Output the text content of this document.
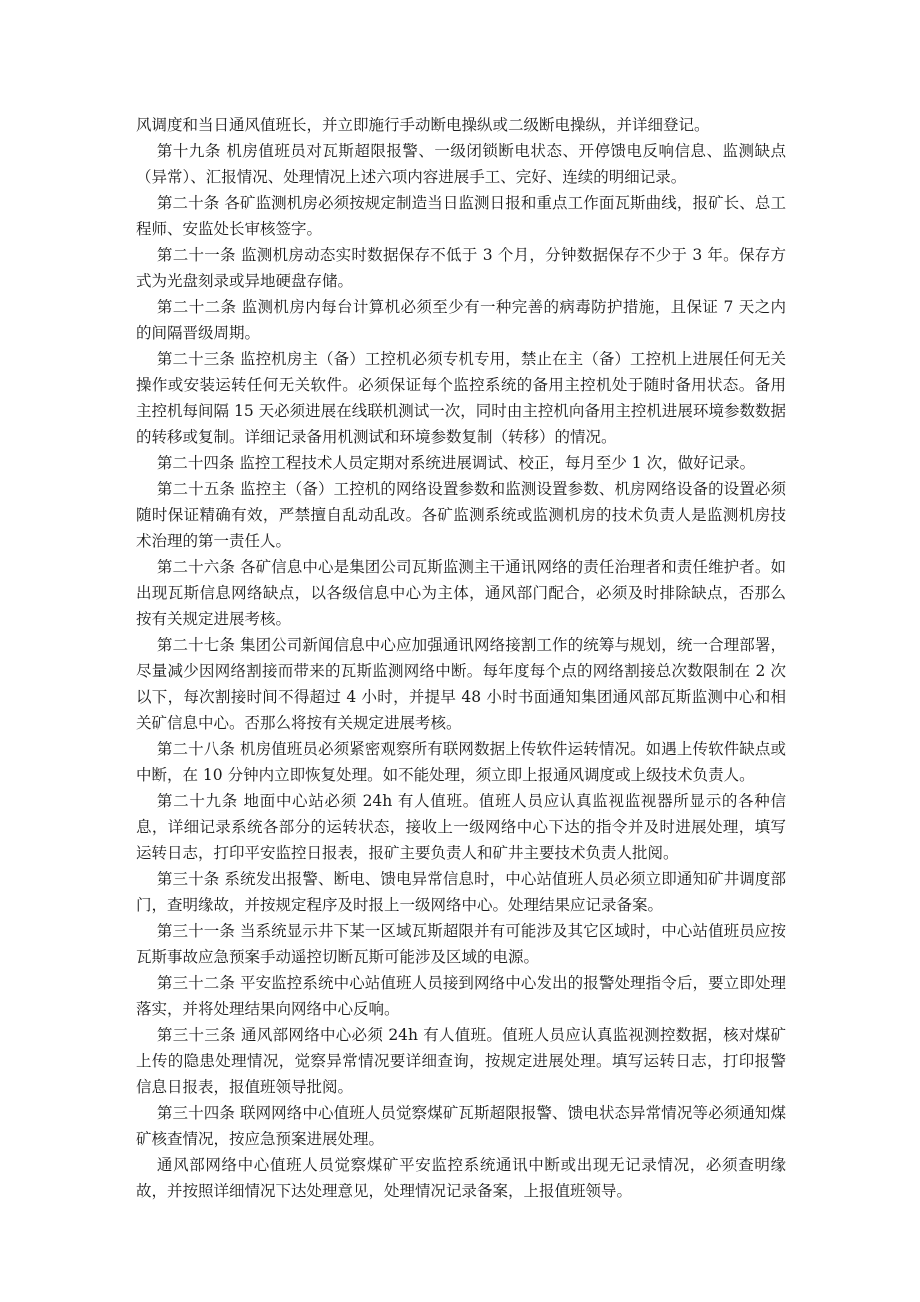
风调度和当日通风值班长，并立即施行手动断电操纵或二级断电操纵，并详细登记。

第十九条 机房值班员对瓦斯超限报警、一级闭锁断电状态、开停馈电反响信息、监测缺点（异常）、汇报情况、处理情况上述六项内容进展手工、完好、连续的明细记录。

第二十条 各矿监测机房必须按规定制造当日监测日报和重点工作面瓦斯曲线，报矿长、总工程师、安监处长审核签字。

第二十一条 监测机房动态实时数据保存不低于 3 个月，分钟数据保存不少于 3 年。保存方式为光盘刻录或异地硬盘存储。

第二十二条 监测机房内每台计算机必须至少有一种完善的病毒防护措施，且保证 7 天之内的间隔晋级周期。

第二十三条 监控机房主（备）工控机必须专机专用，禁止在主（备）工控机上进展任何无关操作或安装运转任何无关软件。必须保证每个监控系统的备用主控机处于随时备用状态。备用主控机每间隔 15 天必须进展在线联机测试一次，同时由主控机向备用主控机进展环境参数数据的转移或复制。详细记录备用机测试和环境参数复制（转移）的情况。

第二十四条 监控工程技术人员定期对系统进展调试、校正，每月至少 1 次，做好记录。

第二十五条 监控主（备）工控机的网络设置参数和监测设置参数、机房网络设备的设置必须随时保证精确有效，严禁擅自乱动乱改。各矿监测系统或监测机房的技术负责人是监测机房技术治理的第一责任人。

第二十六条 各矿信息中心是集团公司瓦斯监测主干通讯网络的责任治理者和责任维护者。如出现瓦斯信息网络缺点，以各级信息中心为主体，通风部门配合，必须及时排除缺点，否那么按有关规定进展考核。

第二十七条 集团公司新闻信息中心应加强通讯网络接割工作的统筹与规划，统一合理部署，尽量减少因网络割接而带来的瓦斯监测网络中断。每年度每个点的网络割接总次数限制在 2 次以下，每次割接时间不得超过 4 小时，并提早 48 小时书面通知集团通风部瓦斯监测中心和相关矿信息中心。否那么将按有关规定进展考核。

第二十八条 机房值班员必须紧密观察所有联网数据上传软件运转情况。如遇上传软件缺点或中断，在 10 分钟内立即恢复处理。如不能处理，须立即上报通风调度或上级技术负责人。

第二十九条 地面中心站必须 24h 有人值班。值班人员应认真监视监视器所显示的各种信息，详细记录系统各部分的运转状态，接收上一级网络中心下达的指令并及时进展处理，填写运转日志，打印平安监控日报表，报矿主要负责人和矿井主要技术负责人批阅。

第三十条 系统发出报警、断电、馈电异常信息时，中心站值班人员必须立即通知矿井调度部门，查明缘故，并按规定程序及时报上一级网络中心。处理结果应记录备案。

第三十一条 当系统显示井下某一区域瓦斯超限并有可能涉及其它区域时，中心站值班员应按瓦斯事故应急预案手动遥控切断瓦斯可能涉及区域的电源。

第三十二条 平安监控系统中心站值班人员接到网络中心发出的报警处理指令后，要立即处理落实，并将处理结果向网络中心反响。

第三十三条 通风部网络中心必须 24h 有人值班。值班人员应认真监视测控数据，核对煤矿上传的隐患处理情况，觉察异常情况要详细查询，按规定进展处理。填写运转日志，打印报警信息日报表，报值班领导批阅。

第三十四条 联网网络中心值班人员觉察煤矿瓦斯超限报警、馈电状态异常情况等必须通知煤矿核查情况，按应急预案进展处理。

通风部网络中心值班人员觉察煤矿平安监控系统通讯中断或出现无记录情况，必须查明缘故，并按照详细情况下达处理意见，处理情况记录备案，上报值班领导。
